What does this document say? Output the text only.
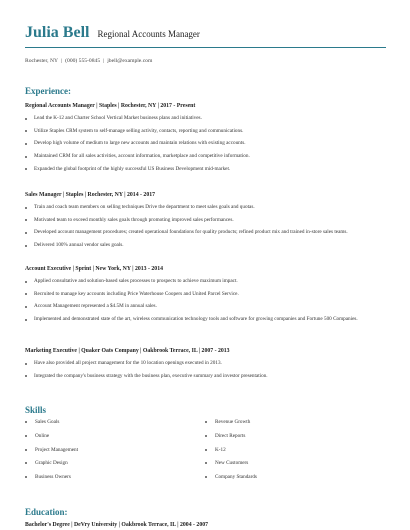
Julia Bell Regional Accounts Manager
Rochester, NY | (000) 555-0845 | jbell@example.com
Experience:
Regional Accounts Manager | Staples | Rochester, NY | 2017 - Present
Lead the K-12 and Charter School Vertical Market business plans and initiatives.
Utilize Staples CRM system to self-manage selling activity, contacts, reporting and communications.
Develop high volume of medium to large new accounts and maintain relations with existing accounts.
Maintained CRM for all sales activities, account information, marketplace and competitive information.
Expanded the global footprint of the highly successful US Business Development mid-market.
Sales Manager | Staples | Rochester, NY | 2014 - 2017
Train and coach team members on selling techniques Drive the department to meet sales goals and quotas.
Motivated team to exceed monthly sales goals through promoting improved sales performances.
Developed account management procedures; created operational foundations for quality products; refined product mix and trained in-store sales teams.
Delivered 100% annual vendor sales goals.
Account Executive | Sprint | New York, NY | 2013 - 2014
Applied consultative and solution-based sales processes to prospects to achieve maximum impact.
Recruited to manage key accounts including Price Waterhouse Coopers and United Parcel Service.
Account Management represented a $4.5M in annual sales.
Implemented and demonstrated state of the art, wireless communication technology tools and software for growing companies and Fortune 500 Companies.
Marketing Executive | Quaker Oats Company | Oakbrook Terrace, IL | 2007 - 2013
Have also provided all project management for the 10 location openings executed in 2013.
Integrated the company's business strategy with the business plan, executive summary and investor presentation.
Skills
Sales Goals
Online
Project Management
Graphic Design
Business Owners
Revenue Growth
Direct Reports
K-12
New Customers
Company Standards
Education:
Bachelor's Degree | DeVry University | Oakbrook Terrace, IL | 2004 - 2007
